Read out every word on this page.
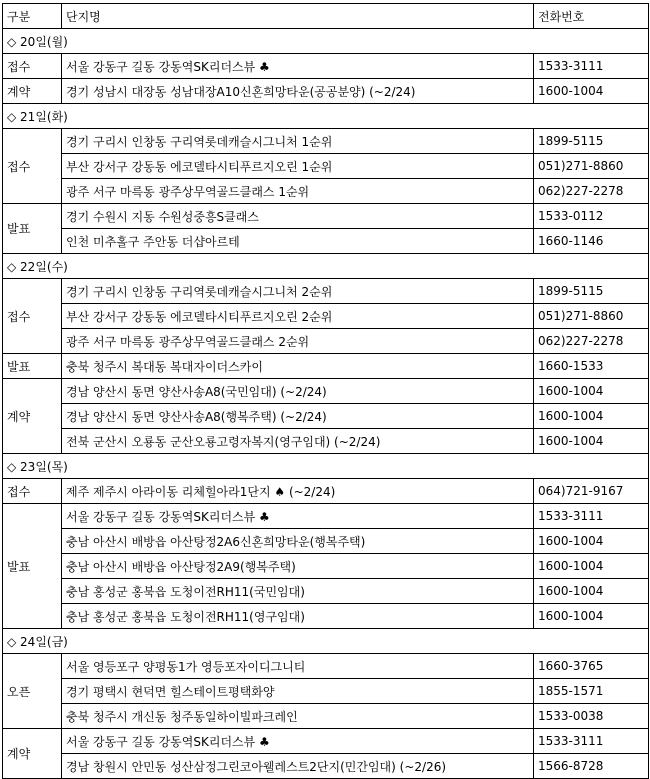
구분	단지명	전화번호
◇ 20일(월)		
접수	서울 강동구 길동 강동역SK리더스뷰 ♣	1533-3111
계약	경기 성남시 대장동 성남대장A10신혼희망타운(공공분양) (~2/24)	1600-1004
◇ 21일(화)		
접수	경기 구리시 인창동 구리역롯데캐슬시그니처 1순위	1899-5115
	부산 강서구 강동동 에코델타시티푸르지오린 1순위	051)271-8860
	광주 서구 마륵동 광주상무역골드클래스 1순위	062)227-2278
발표	경기 수원시 지동 수원성중흥S클래스	1533-0112
	인천 미추홀구 주안동 더샵아르테	1660-1146
◇ 22일(수)		
접수	경기 구리시 인창동 구리역롯데캐슬시그니처 2순위	1899-5115
	부산 강서구 강동동 에코델타시티푸르지오린 2순위	051)271-8860
	광주 서구 마륵동 광주상무역골드클래스 2순위	062)227-2278
발표	충북 청주시 복대동 복대자이더스카이	1660-1533
계약	경남 양산시 동면 양산사송A8(국민임대) (~2/24)	1600-1004
	경남 양산시 동면 양산사송A8(행복주택) (~2/24)	1600-1004
	전북 군산시 오룡동 군산오룡고령자복지(영구임대) (~2/24)	1600-1004
◇ 23일(목)		
접수	제주 제주시 아라이동 리체힐아라1단지 ♠ (~2/24)	064)721-9167
발표	서울 강동구 길동 강동역SK리더스뷰 ♣	1533-3111
	충남 아산시 배방읍 아산탕정2A6신혼희망타운(행복주택)	1600-1004
	충남 아산시 배방읍 아산탕정2A9(행복주택)	1600-1004
	충남 홍성군 홍북읍 도청이전RH11(국민임대)	1600-1004
	충남 홍성군 홍북읍 도청이전RH11(영구임대)	1600-1004
◇ 24일(금)		
오픈	서울 영등포구 양평동1가 영등포자이디그니티	1660-3765
	경기 평택시 현덕면 힐스테이트평택화양	1855-1571
	충북 청주시 개신동 청주동일하이빌파크레인	1533-0038
계약	서울 강동구 길동 강동역SK리더스뷰 ♣	1533-3111
	경남 창원시 안민동 성산삼정그린코아웰레스트2단지(민간임대) (~2/26)	1566-8728
